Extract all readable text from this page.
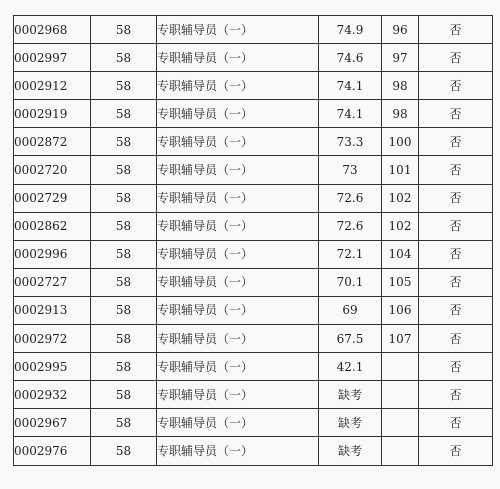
0002968	58	专职辅导员（一）	74.9	96	否
0002997	58	专职辅导员（一）	74.6	97	否
0002912	58	专职辅导员（一）	74.1	98	否
0002919	58	专职辅导员（一）	74.1	98	否
0002872	58	专职辅导员（一）	73.3	100	否
0002720	58	专职辅导员（一）	73	101	否
0002729	58	专职辅导员（一）	72.6	102	否
0002862	58	专职辅导员（一）	72.6	102	否
0002996	58	专职辅导员（一）	72.1	104	否
0002727	58	专职辅导员（一）	70.1	105	否
0002913	58	专职辅导员（一）	69	106	否
0002972	58	专职辅导员（一）	67.5	107	否
0002995	58	专职辅导员（一）	42.1		否
0002932	58	专职辅导员（一）	缺考		否
0002967	58	专职辅导员（一）	缺考		否
0002976	58	专职辅导员（一）	缺考		否
